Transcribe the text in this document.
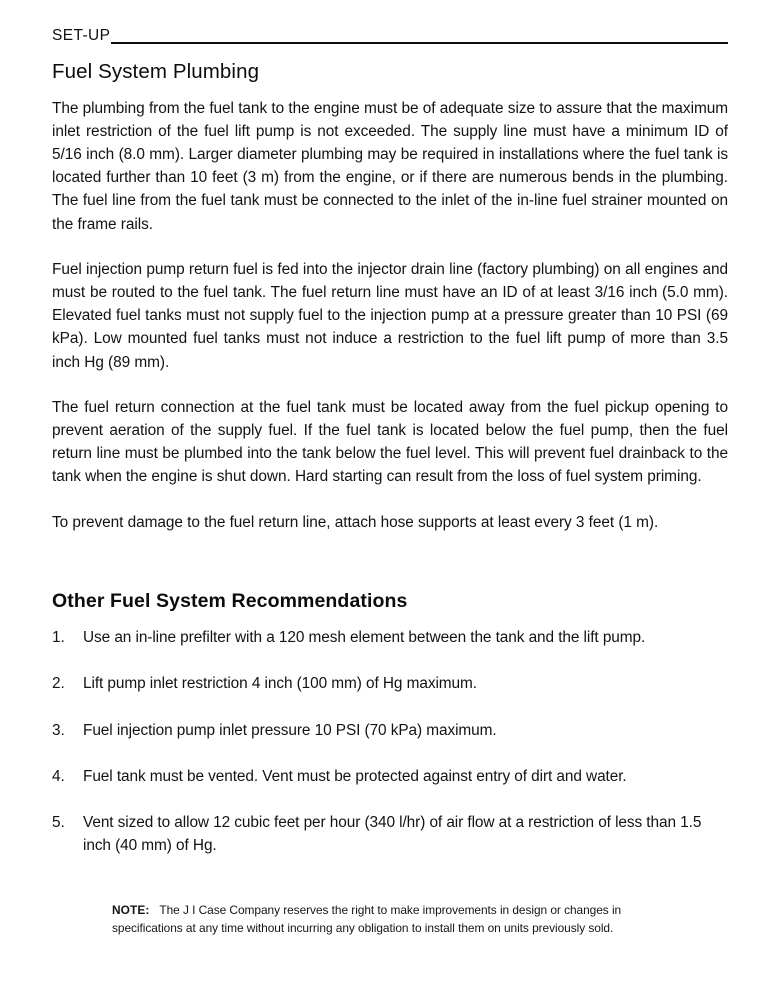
SET-UP
Fuel System Plumbing

The plumbing from the fuel tank to the engine must be of adequate size to assure that the maximum inlet restriction of the fuel lift pump is not exceeded. The supply line must have a minimum ID of 5/16 inch (8.0 mm). Larger diameter plumbing may be required in installations where the fuel tank is located further than 10 feet (3 m) from the engine, or if there are numerous bends in the plumbing. The fuel line from the fuel tank must be connected to the inlet of the in-line fuel strainer mounted on the frame rails.

Fuel injection pump return fuel is fed into the injector drain line (factory plumbing) on all engines and must be routed to the fuel tank. The fuel return line must have an ID of at least 3/16 inch (5.0 mm). Elevated fuel tanks must not supply fuel to the injection pump at a pressure greater than 10 PSI (69 kPa). Low mounted fuel tanks must not induce a restriction to the fuel lift pump of more than 3.5 inch Hg (89 mm).

The fuel return connection at the fuel tank must be located away from the fuel pickup opening to prevent aeration of the supply fuel. If the fuel tank is located below the fuel pump, then the fuel return line must be plumbed into the tank below the fuel level. This will prevent fuel drainback to the tank when the engine is shut down. Hard starting can result from the loss of fuel system priming.

To prevent damage to the fuel return line, attach hose supports at least every 3 feet (1 m).

Other Fuel System Recommendations
1.	Use an in-line prefilter with a 120 mesh element between the tank and the lift pump.
2.	Lift pump inlet restriction 4 inch (100 mm) of Hg maximum.
3.	Fuel injection pump inlet pressure 10 PSI (70 kPa) maximum.
4.	Fuel tank must be vented. Vent must be protected against entry of dirt and water.
5.	Vent sized to allow 12 cubic feet per hour (340 l/hr) of air flow at a restriction of less than 1.5 inch (40 mm) of Hg.
NOTE:   The J I Case Company reserves the right to make improvements in design or changes in specifications at any time without incurring any obligation to install them on units previously sold.
